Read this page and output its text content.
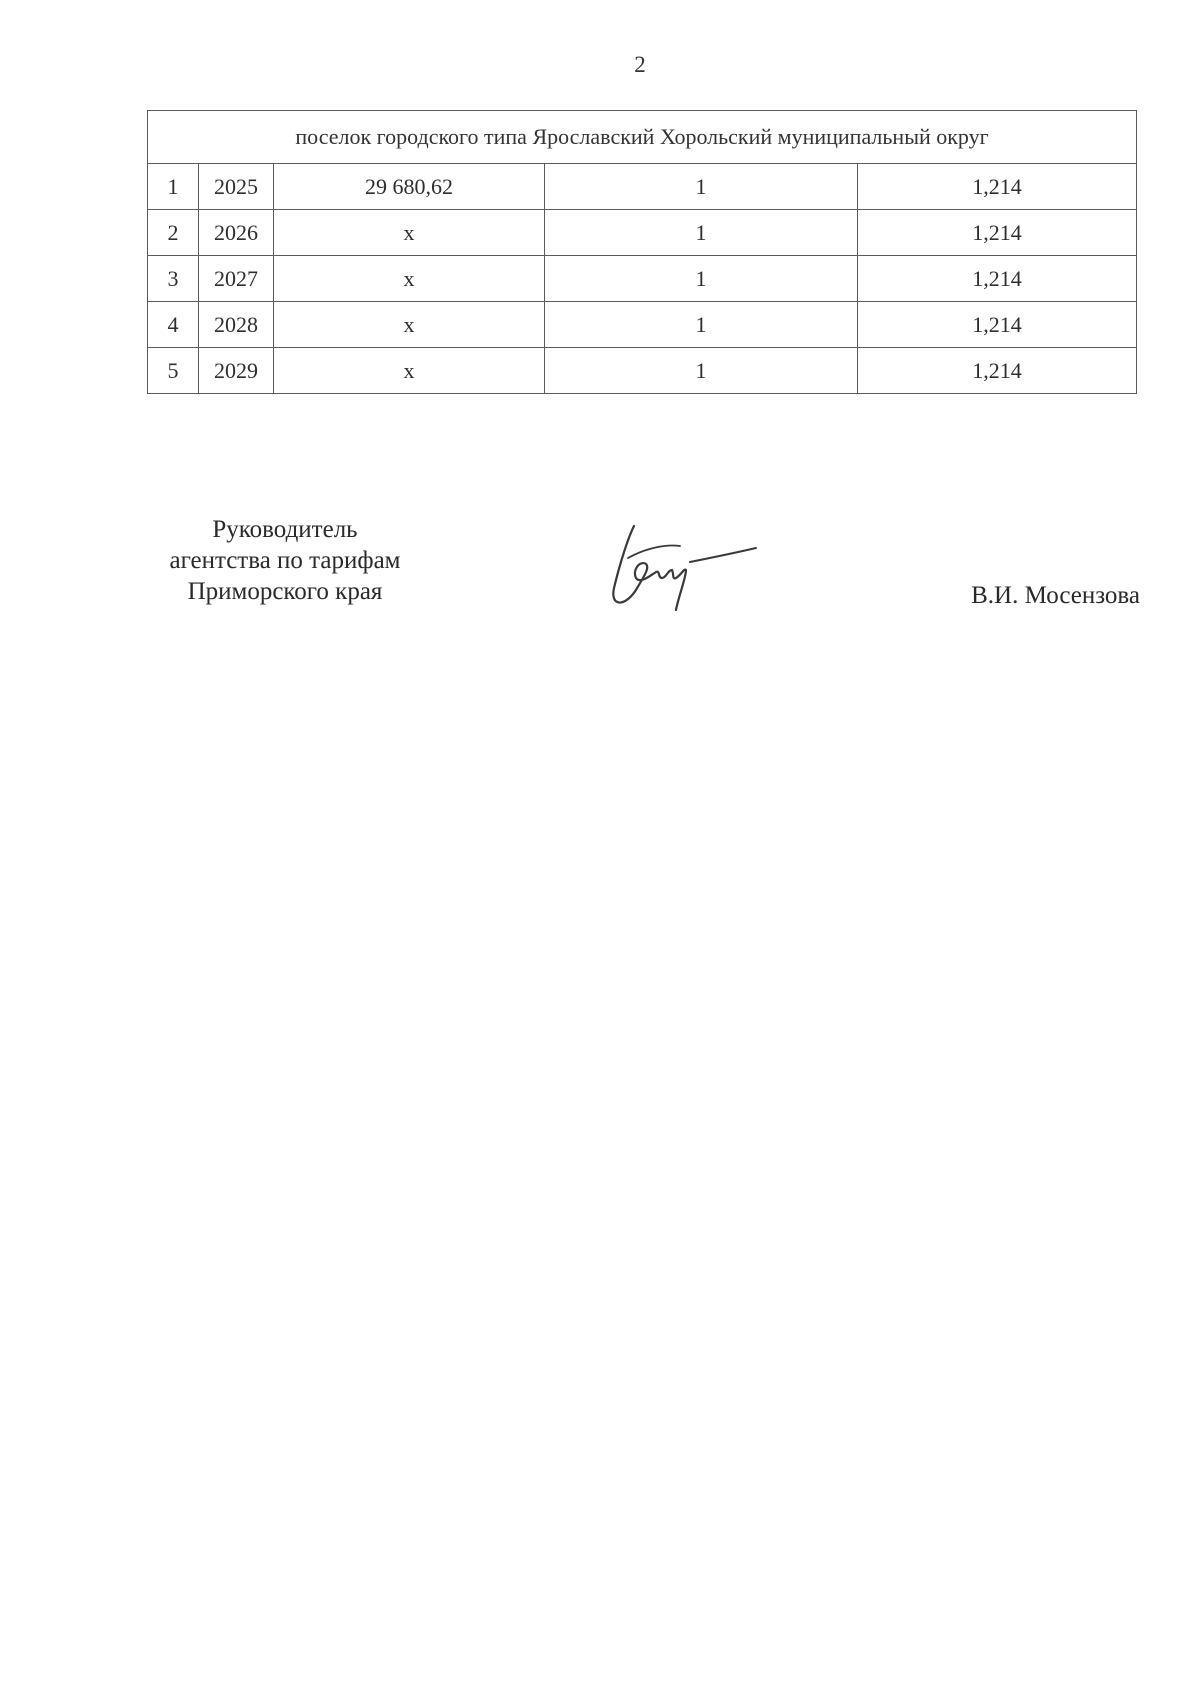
2
поселок городского типа Ярославский Хорольский муниципальный округ				
1	2025	29 680,62	1	1,214
2	2026	x	1	1,214
3	2027	x	1	1,214
4	2028	x	1	1,214
5	2029	x	1	1,214
Руководитель
агентства по тарифам
Приморского края	В.И. Мосензова
